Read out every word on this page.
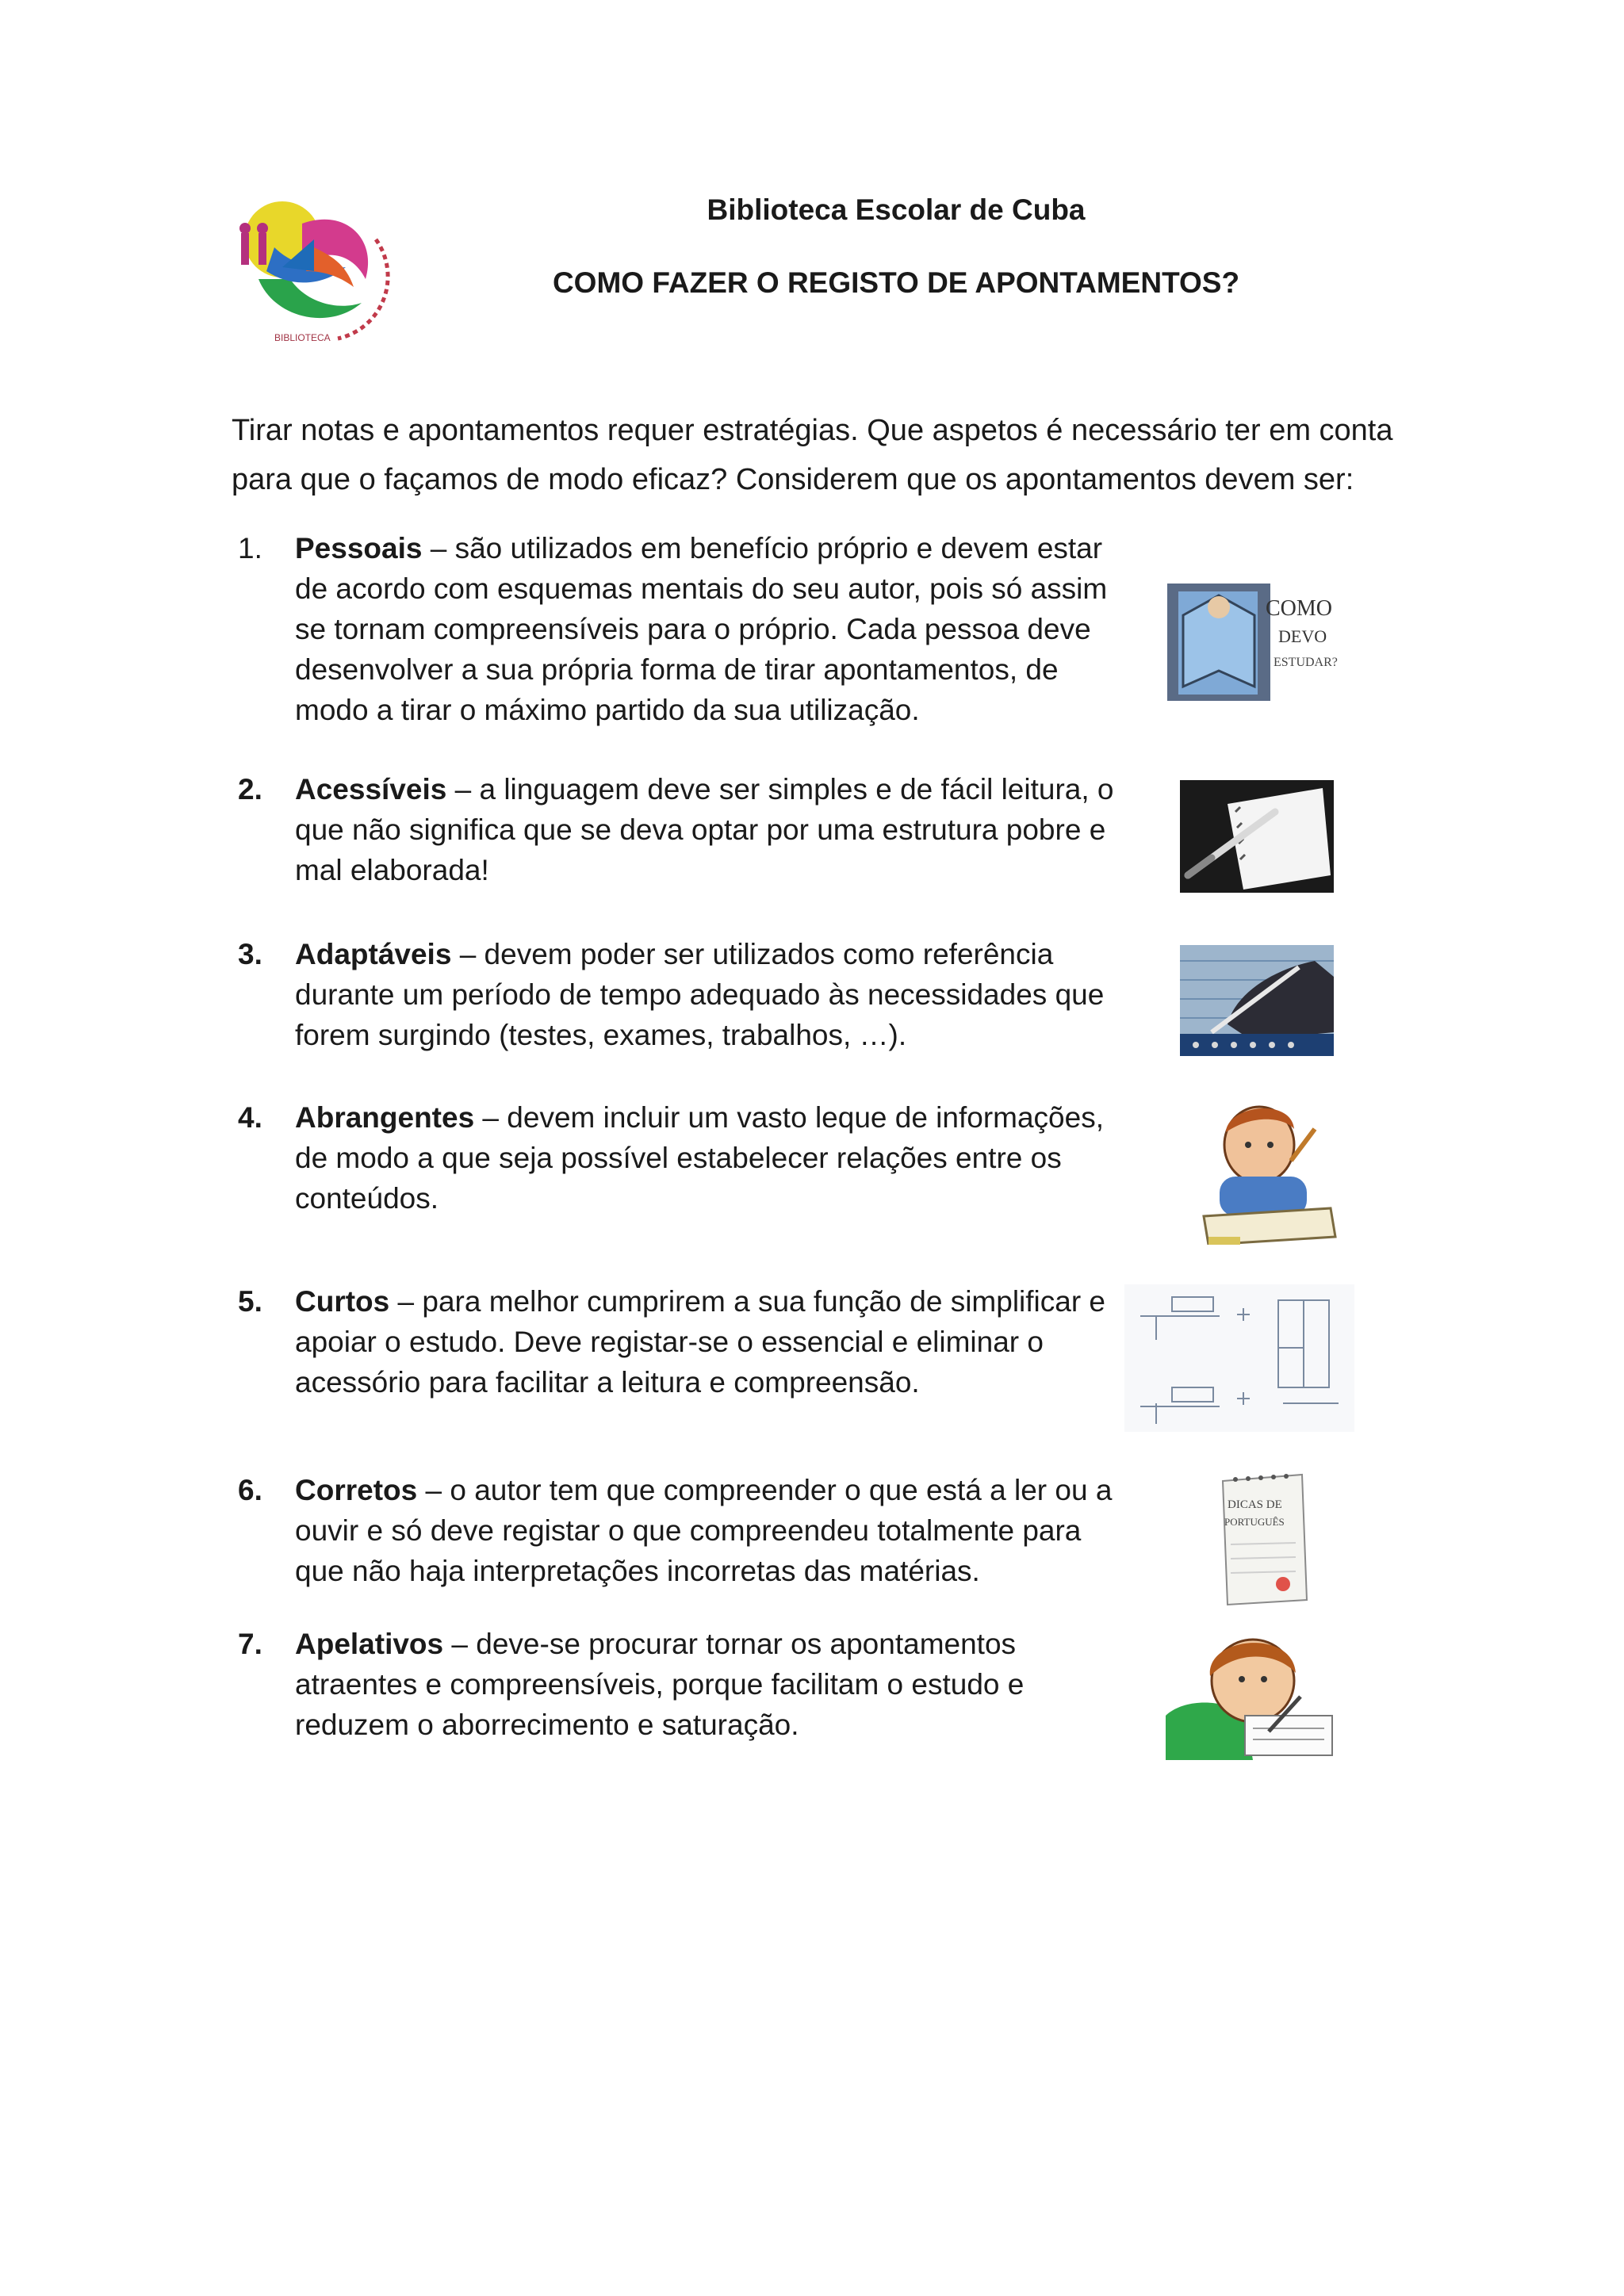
BIBLIOTECA
Biblioteca Escolar de Cuba
COMO FAZER O REGISTO DE APONTAMENTOS?
Tirar notas e apontamentos requer estratégias. Que aspetos é necessário ter em conta para que o façamos de modo eficaz? Considerem que os apontamentos devem ser:
1.	Pessoais – são utilizados em benefício próprio e devem estar de acordo com esquemas mentais do seu autor, pois só assim se tornam compreensíveis para o próprio. Cada pessoa deve desenvolver a sua própria forma de tirar apontamentos, de modo a tirar o máximo partido da sua utilização.
COMO
DEVO
ESTUDAR?
2.	Acessíveis – a linguagem deve ser simples e de fácil leitura, o que não significa que se deva optar por uma estrutura pobre e mal elaborada!
3.	Adaptáveis – devem poder ser utilizados como referência durante um período de tempo adequado às necessidades que forem surgindo (testes, exames, trabalhos, …).
4.	Abrangentes – devem incluir um vasto leque de informações, de modo a que seja possível estabelecer relações entre os conteúdos.
5.	Curtos – para melhor cumprirem a sua função de simplificar e apoiar o estudo. Deve registar-se o essencial e eliminar o acessório para facilitar a leitura e compreensão.
6.	Corretos – o autor tem que compreender o que está a ler ou a ouvir e só deve registar o que compreendeu totalmente para que não haja interpretações incorretas das matérias.
DICAS DE
PORTUGUÊS
7.	Apelativos – deve-se procurar tornar os apontamentos atraentes e compreensíveis, porque facilitam o estudo e reduzem o aborrecimento e saturação.
